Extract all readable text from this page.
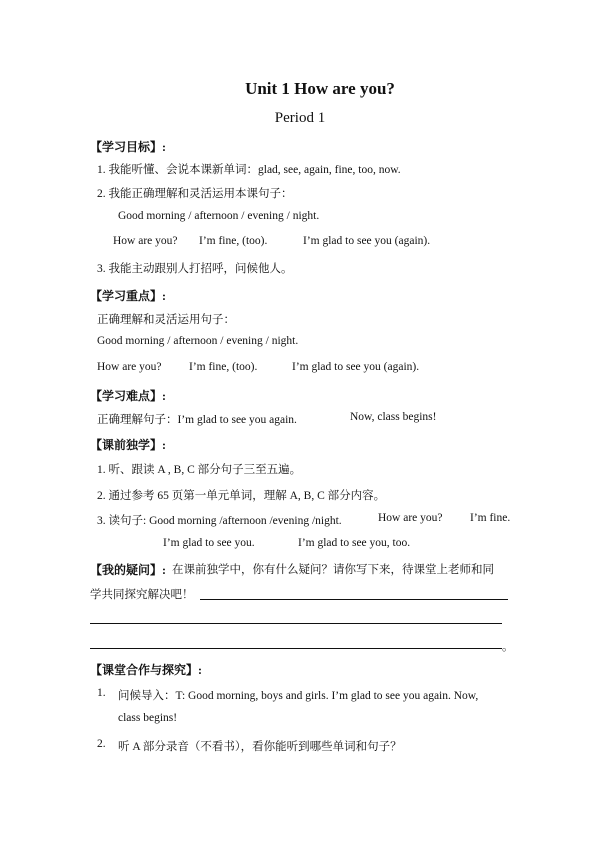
Unit 1 How are you?
Period 1
【学习目标】:
1. 我能听懂、会说本课新单词：glad, see, again, fine, too, now.
2. 我能正确理解和灵活运用本课句子：
Good morning / afternoon / evening / night.
How are you? I’m fine, (too).	I’m glad to see you (again).
3. 我能主动跟别人打招呼，问候他人。
【学习重点】:
正确理解和灵活运用句子：
Good morning / afternoon / evening / night.
How are you? I’m fine, (too).	I’m glad to see you (again).
【学习难点】:
正确理解句子：I’m glad to see you again.	Now, class begins!
【课前独学】:
1. 听、跟读 A , B, C 部分句子三至五遍。
2. 通过参考 65 页第一单元单词，理解 A, B, C 部分内容。
3. 读句子: Good morning /afternoon /evening /night.	How are you? I’m fine.
I’m glad to see you.	I’m glad to see you, too.
【我的疑问】: 在课前独学中，你有什么疑问？请你写下来，待课堂上老师和同
学共同探究解决吧！
。
【课堂合作与探究】:
1. 问候导入：T: Good morning, boys and girls. I’m glad to see you again. Now,
class begins!
2. 听 A 部分录音（不看书），看你能听到哪些单词和句子？
